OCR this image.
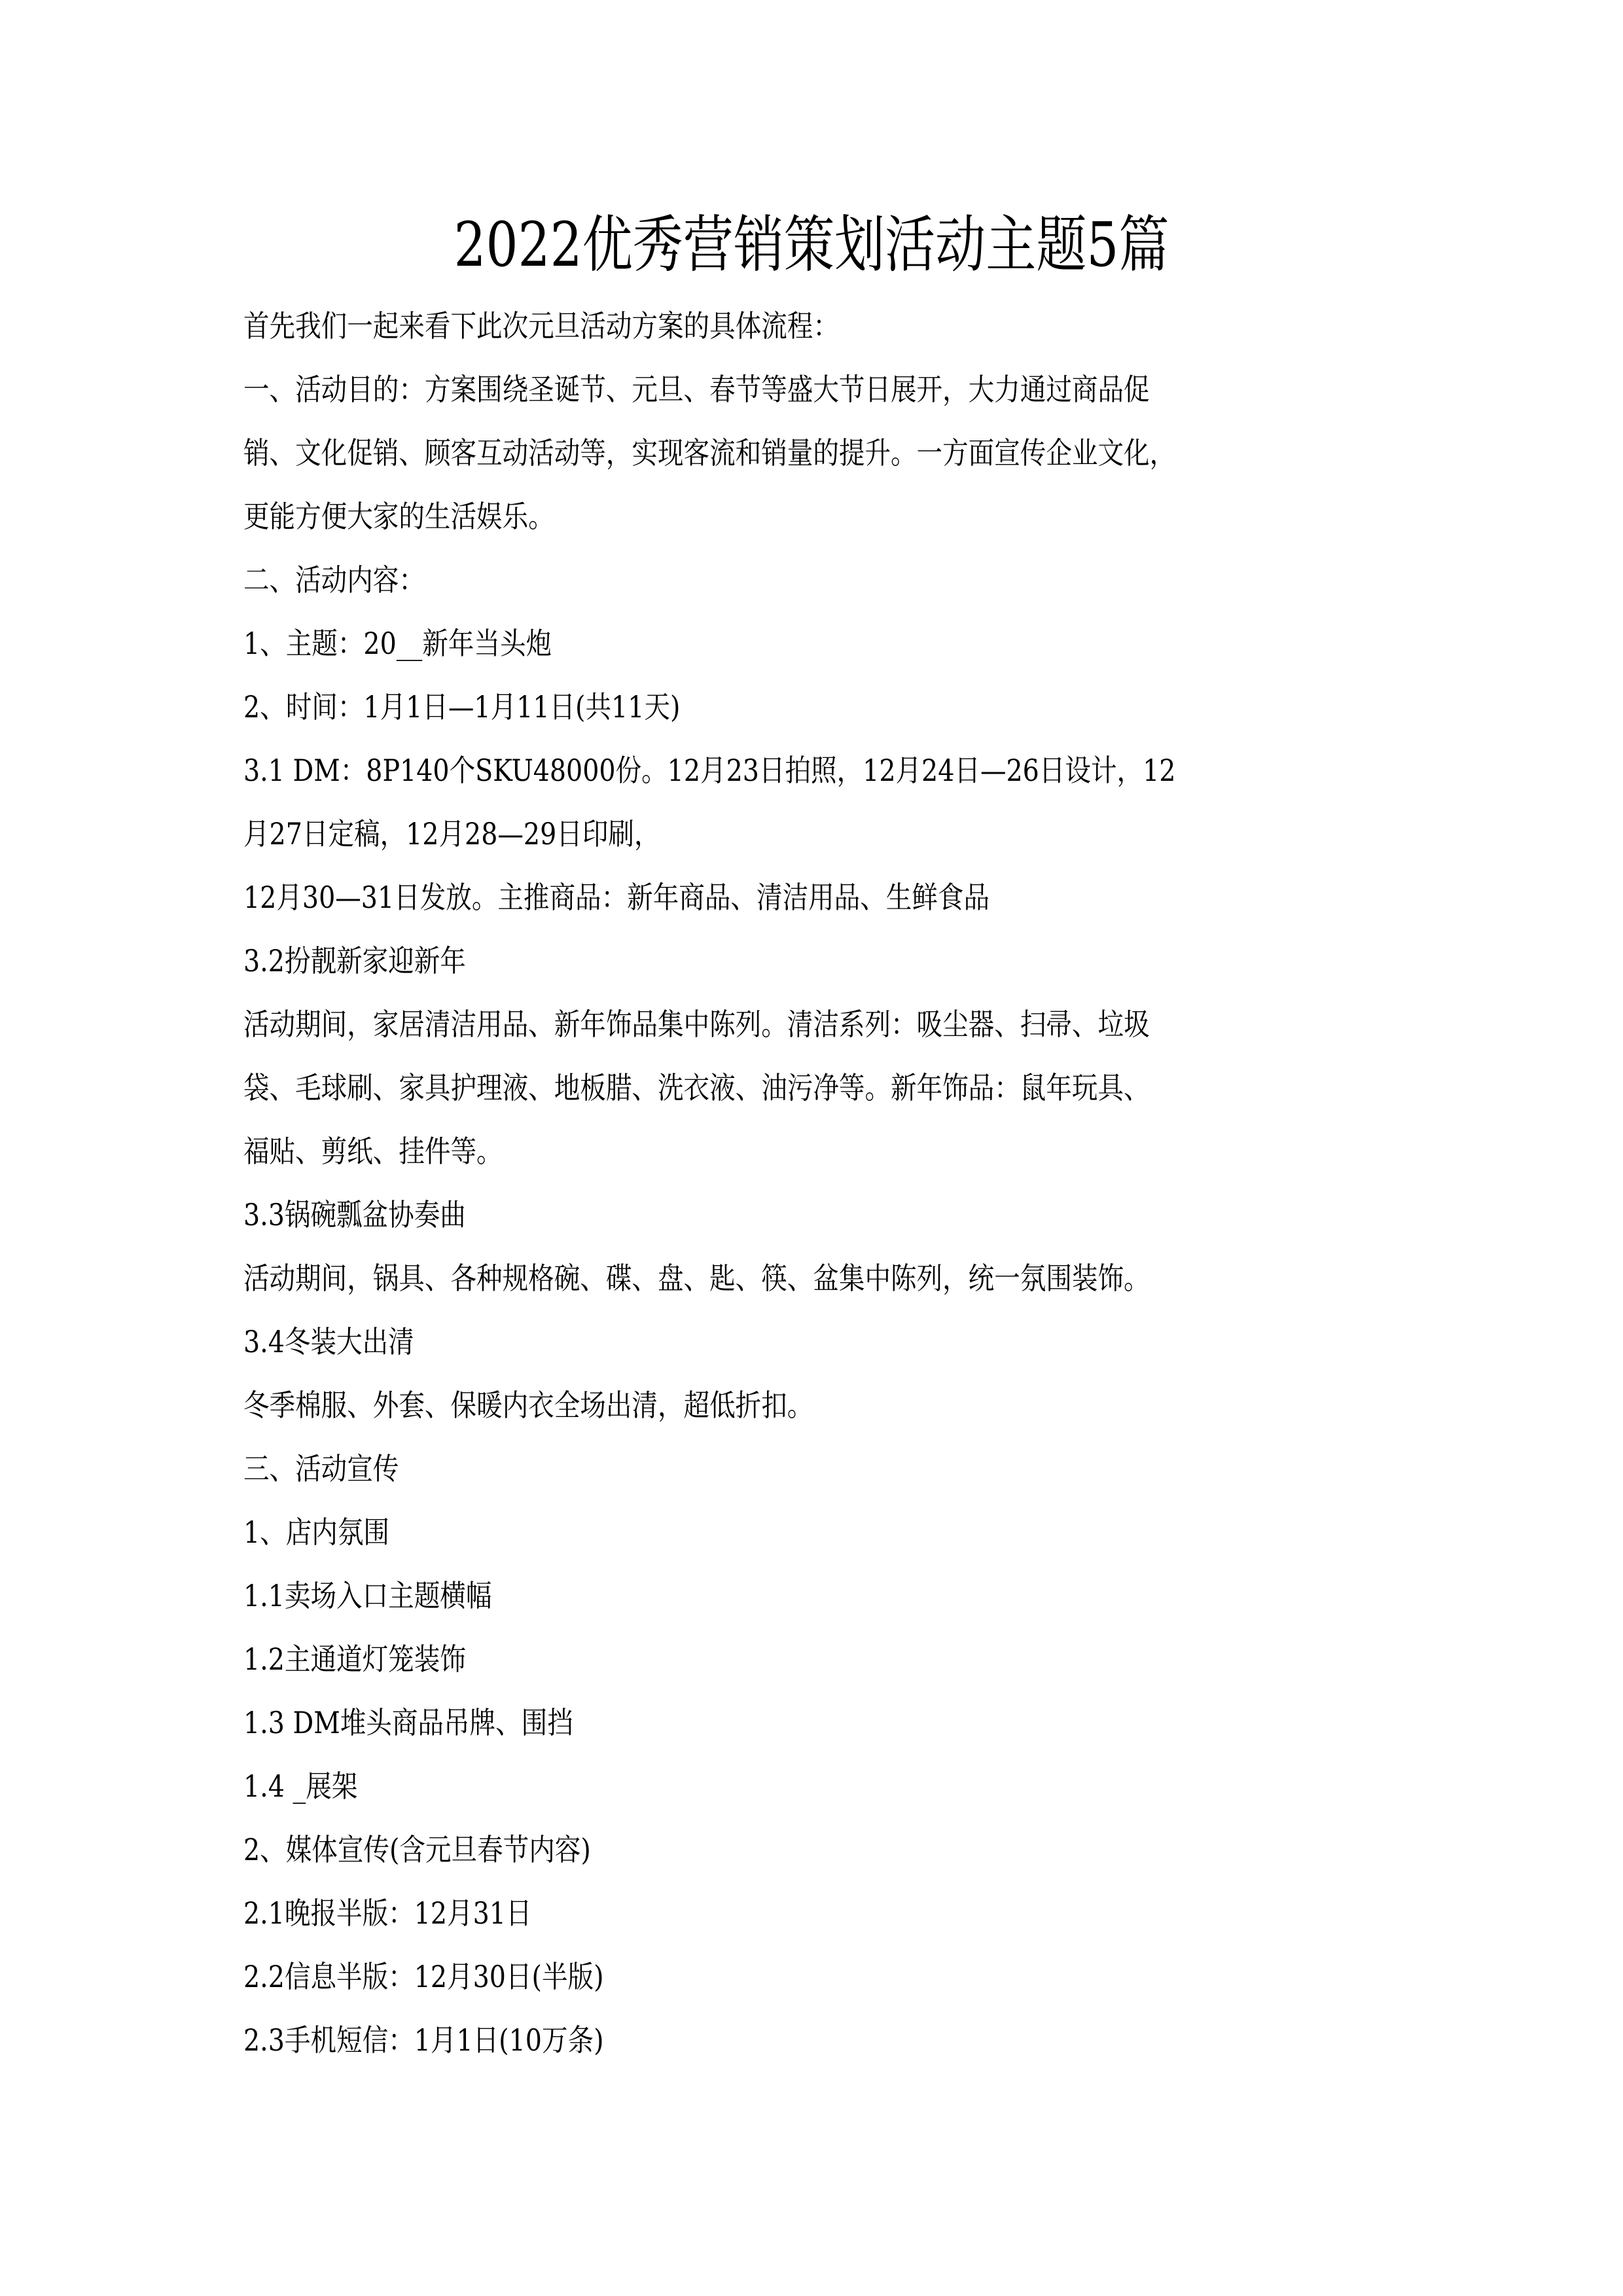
2022优秀营销策划活动主题5篇

首先我们一起来看下此次元旦活动方案的具体流程：

一、活动目的：方案围绕圣诞节、元旦、春节等盛大节日展开，大力通过商品促

销、文化促销、顾客互动活动等，实现客流和销量的提升。一方面宣传企业文化，

更能方便大家的生活娱乐。

二、活动内容：

1、主题：20__新年当头炮

2、时间：1月1日—1月11日(共11天)

3.1 DM：8P140个SKU48000份。12月23日拍照，12月24日—26日设计，12

月27日定稿，12月28—29日印刷，

12月30—31日发放。主推商品：新年商品、清洁用品、生鲜食品

3.2扮靓新家迎新年

活动期间，家居清洁用品、新年饰品集中陈列。清洁系列：吸尘器、扫帚、垃圾

袋、毛球刷、家具护理液、地板腊、洗衣液、油污净等。新年饰品：鼠年玩具、

福贴、剪纸、挂件等。

3.3锅碗瓢盆协奏曲

活动期间，锅具、各种规格碗、碟、盘、匙、筷、盆集中陈列，统一氛围装饰。

3.4冬装大出清

冬季棉服、外套、保暖内衣全场出清，超低折扣。

三、活动宣传

1、店内氛围

1.1卖场入口主题横幅

1.2主通道灯笼装饰

1.3 DM堆头商品吊牌、围挡

1.4 _展架

2、媒体宣传(含元旦春节内容)

2.1晚报半版：12月31日

2.2信息半版：12月30日(半版)

2.3手机短信：1月1日(10万条)
